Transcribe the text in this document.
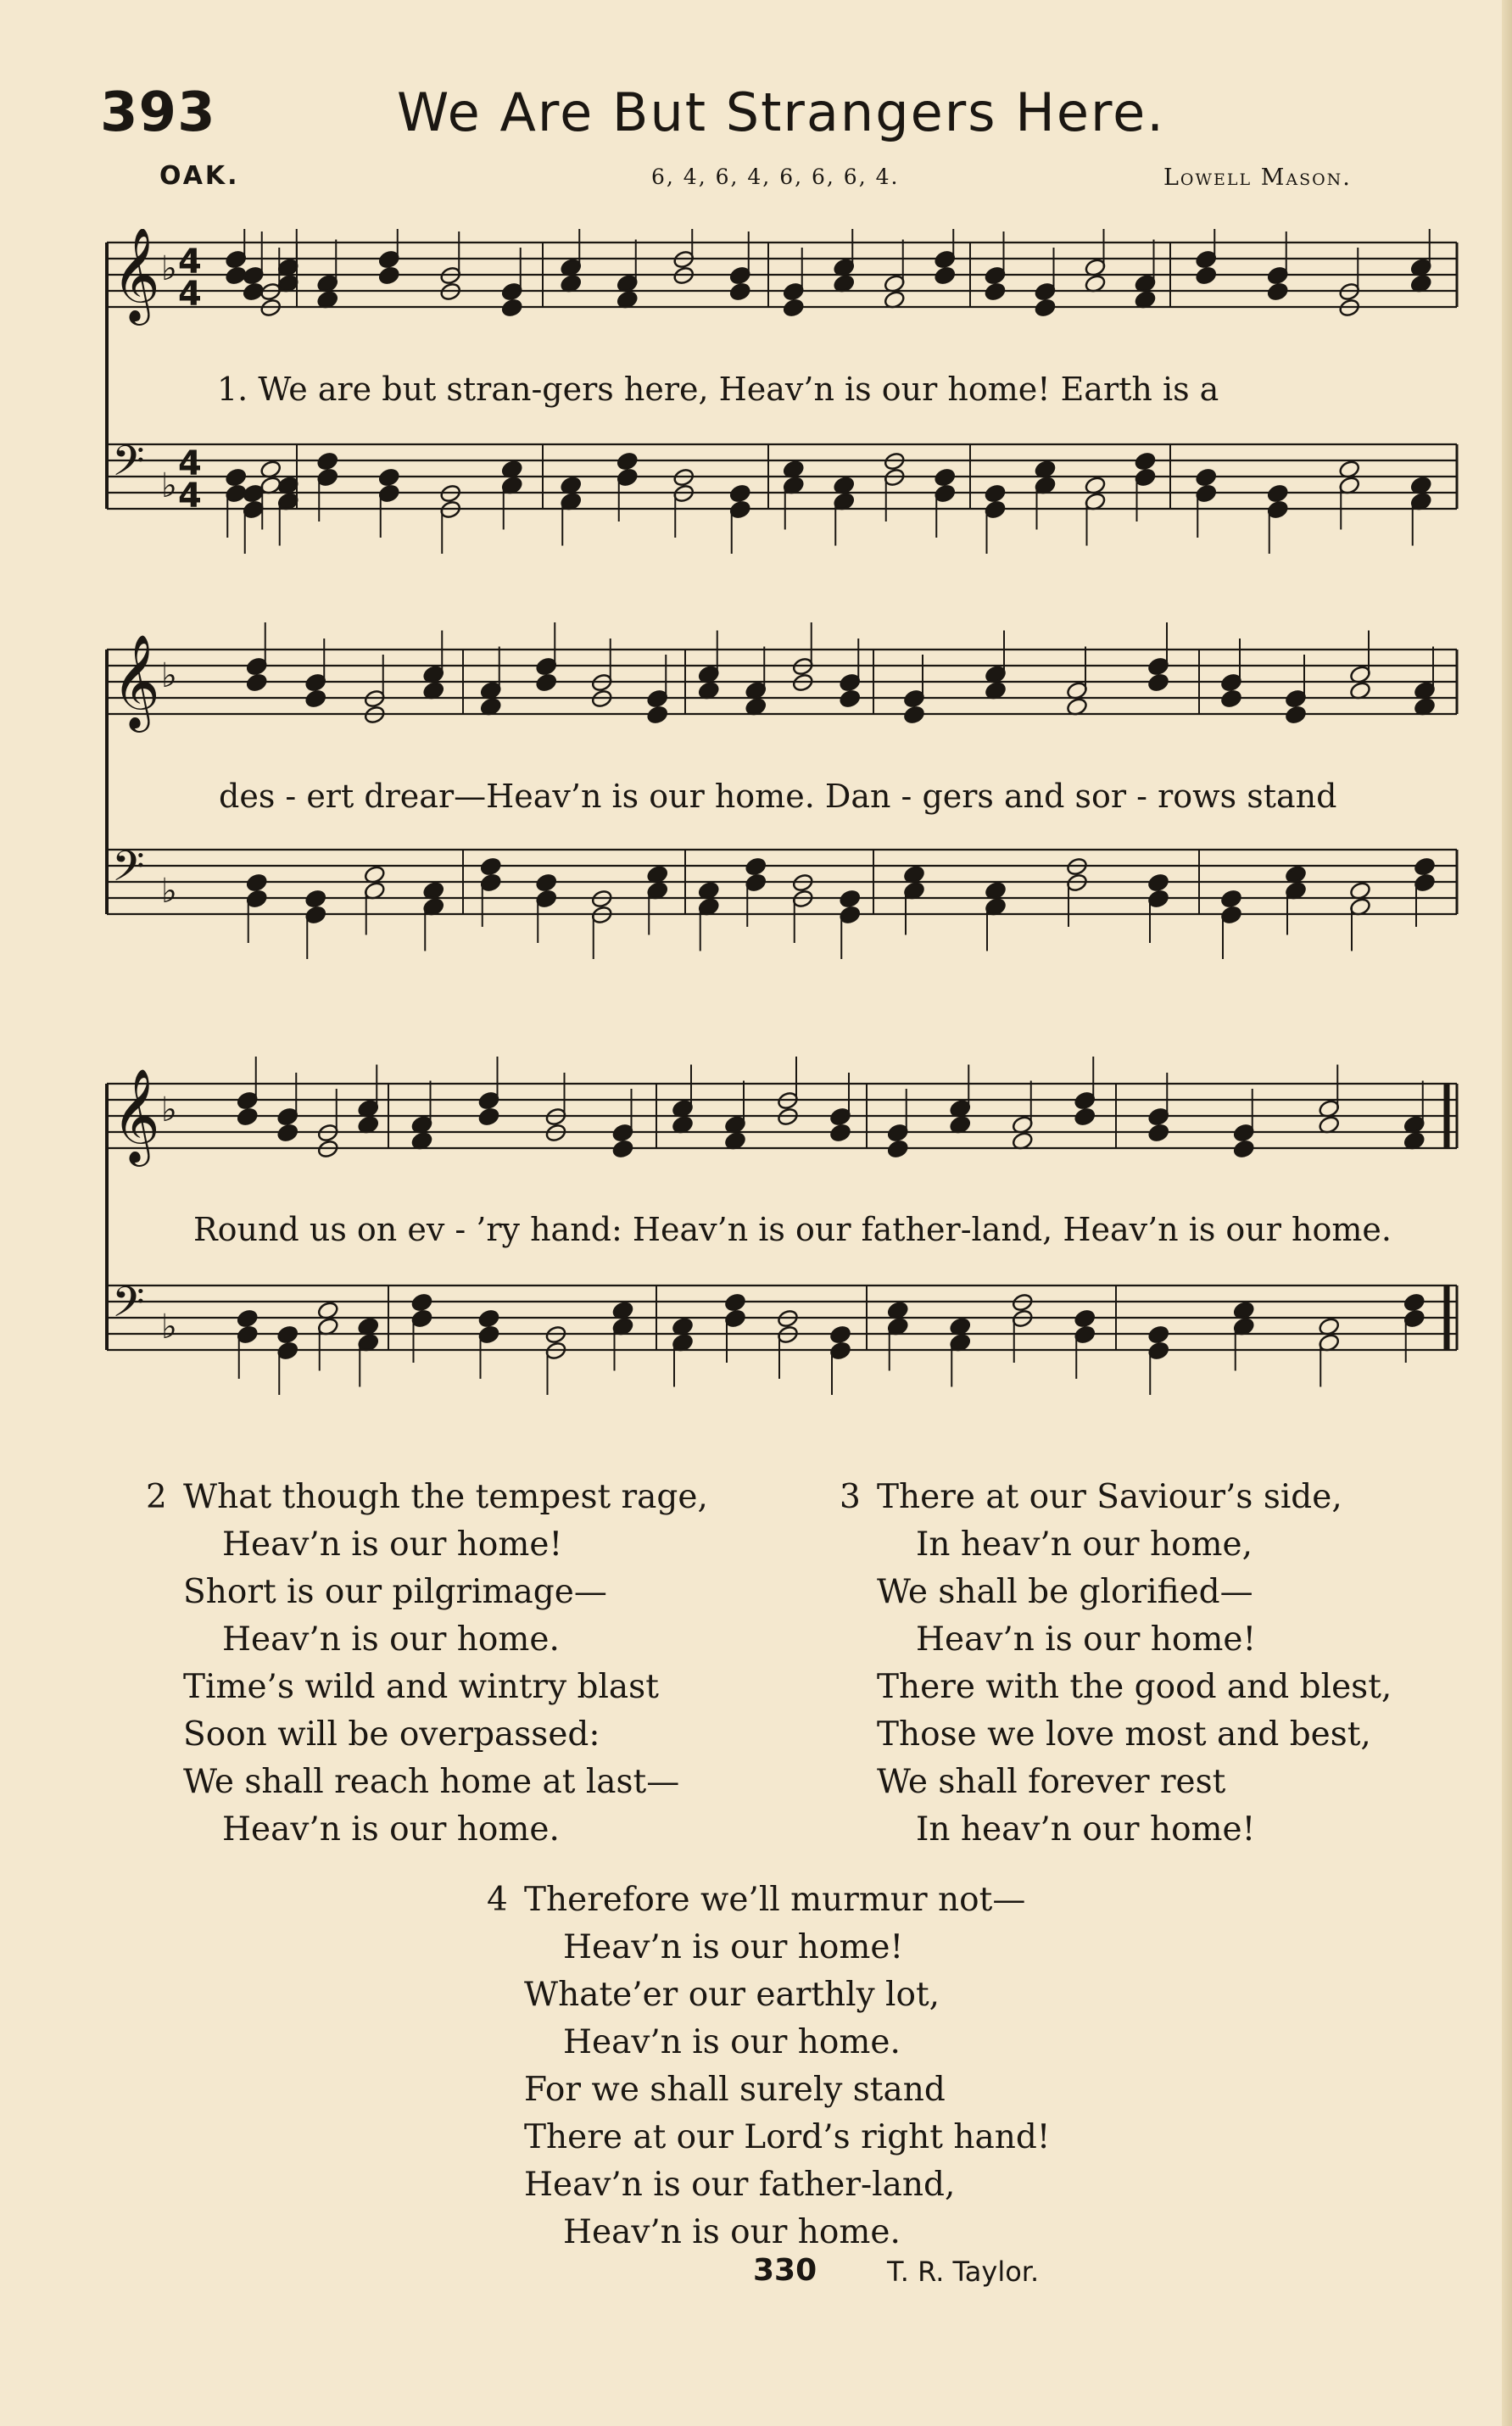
393	We Are But Strangers Here.
OAK.	6, 4, 6, 4, 6, 6, 6, 4.	Lowell Mason.
𝄞 ♭ 4
4
𝄢 ♭
4
4
𝄞 ♭
𝄢 ♭
𝄞 ♭
𝄢 ♭
1. We are but stran-gers here, Heav’n is our home! Earth is a
des - ert drear—Heav’n is our home. Dan - gers and sor - rows stand
Round us on ev - ’ry hand: Heav’n is our father-land, Heav’n is our home.
2 What though the tempest rage,
Heav’n is our home!
Short is our pilgrimage—
Heav’n is our home.
Time’s wild and wintry blast
Soon will be overpassed:
We shall reach home at last—
Heav’n is our home.
3 There at our Saviour’s side,
In heav’n our home,
We shall be glorified—
Heav’n is our home!
There with the good and blest,
Those we love most and best,
We shall forever rest
In heav’n our home!
4 Therefore we’ll murmur not—
Heav’n is our home!
Whate’er our earthly lot,
Heav’n is our home.
For we shall surely stand
There at our Lord’s right hand!
Heav’n is our father-land,
Heav’n is our home.
330	T. R. Taylor.
